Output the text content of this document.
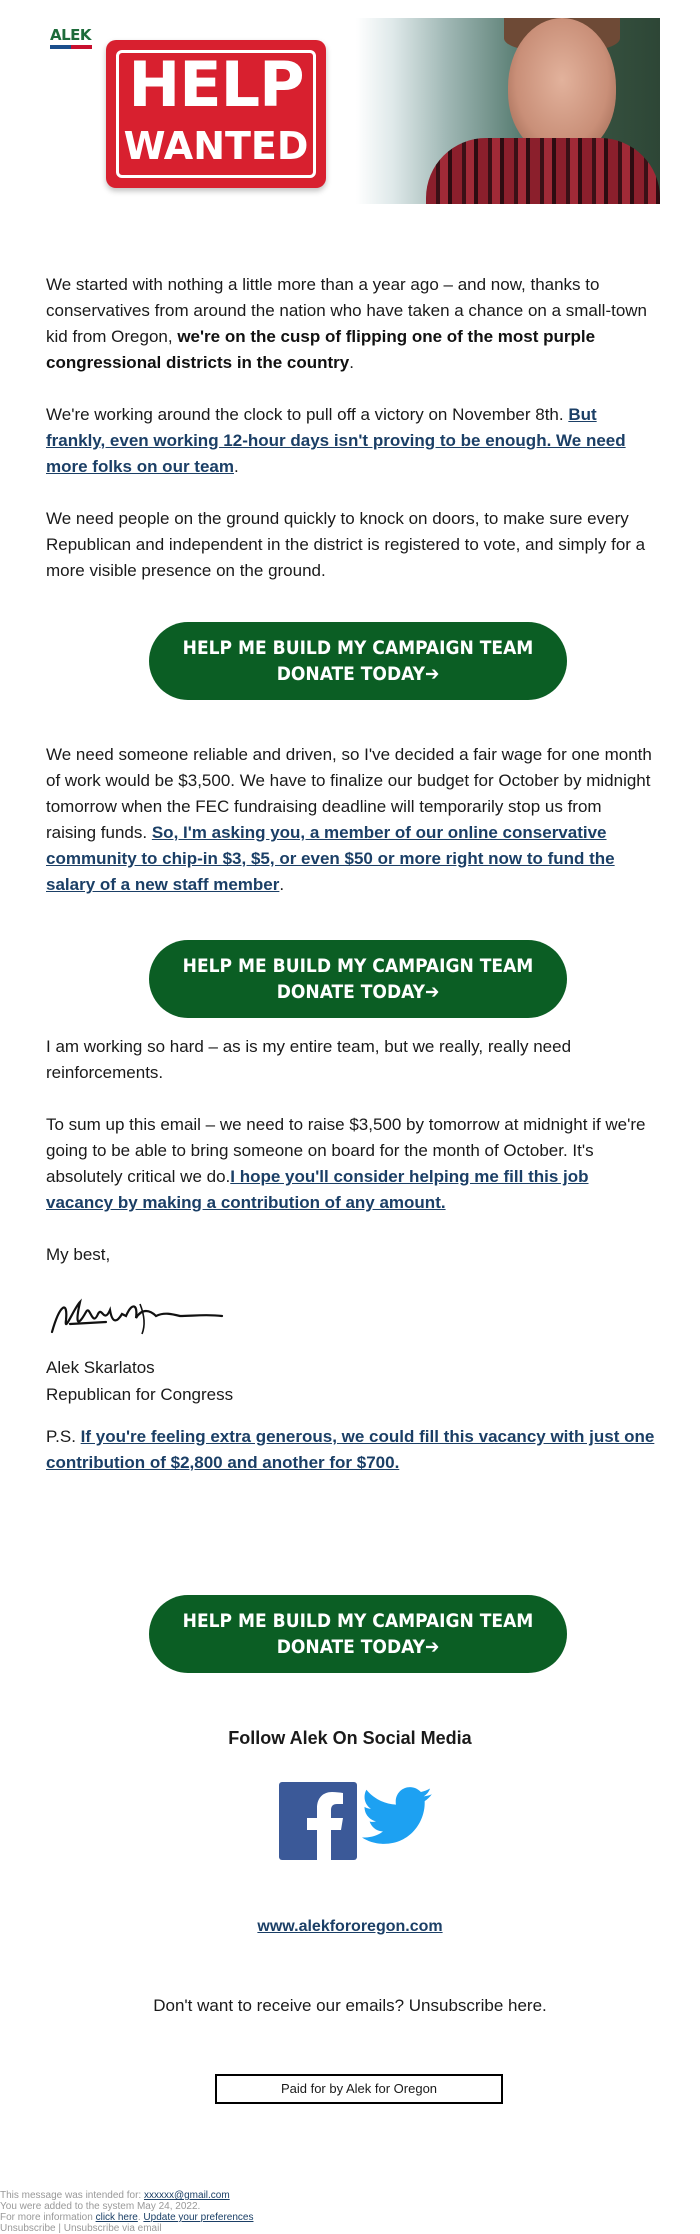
ALEK
HELP
WANTED
We started with nothing a little more than a year ago – and now, thanks to conservatives from around the nation who have taken a chance on a small-town kid from Oregon, we're on the cusp of flipping one of the most purple congressional districts in the country.
We're working around the clock to pull off a victory on November 8th. But frankly, even working 12-hour days isn't proving to be enough. We need more folks on our team.
We need people on the ground quickly to knock on doors, to make sure every Republican and independent in the district is registered to vote, and simply for a more visible presence on the ground.
HELP ME BUILD MY CAMPAIGN TEAM
DONATE TODAY➔
We need someone reliable and driven, so I've decided a fair wage for one month of work would be $3,500. We have to finalize our budget for October by midnight tomorrow when the FEC fundraising deadline will temporarily stop us from raising funds. So, I'm asking you, a member of our online conservative community to chip-in $3, $5, or even $50 or more right now to fund the salary of a new staff member.
HELP ME BUILD MY CAMPAIGN TEAM
DONATE TODAY➔
I am working so hard – as is my entire team, but we really, really need reinforcements.
To sum up this email – we need to raise $3,500 by tomorrow at midnight if we're going to be able to bring someone on board for the month of October. It's absolutely critical we do.I hope you'll consider helping me fill this job vacancy by making a contribution of any amount.
My best,
Alek Skarlatos
Republican for Congress
P.S. If you're feeling extra generous, we could fill this vacancy with just one contribution of $2,800 and another for $700.
HELP ME BUILD MY CAMPAIGN TEAM
DONATE TODAY➔
Follow Alek On Social Media
www.alekfororegon.com
Don't want to receive our emails? Unsubscribe here.
Paid for by Alek for Oregon
This message was intended for: xxxxxx@gmail.com
You were added to the system May 24, 2022.
For more information click here. Update your preferences
Unsubscribe | Unsubscribe via email
